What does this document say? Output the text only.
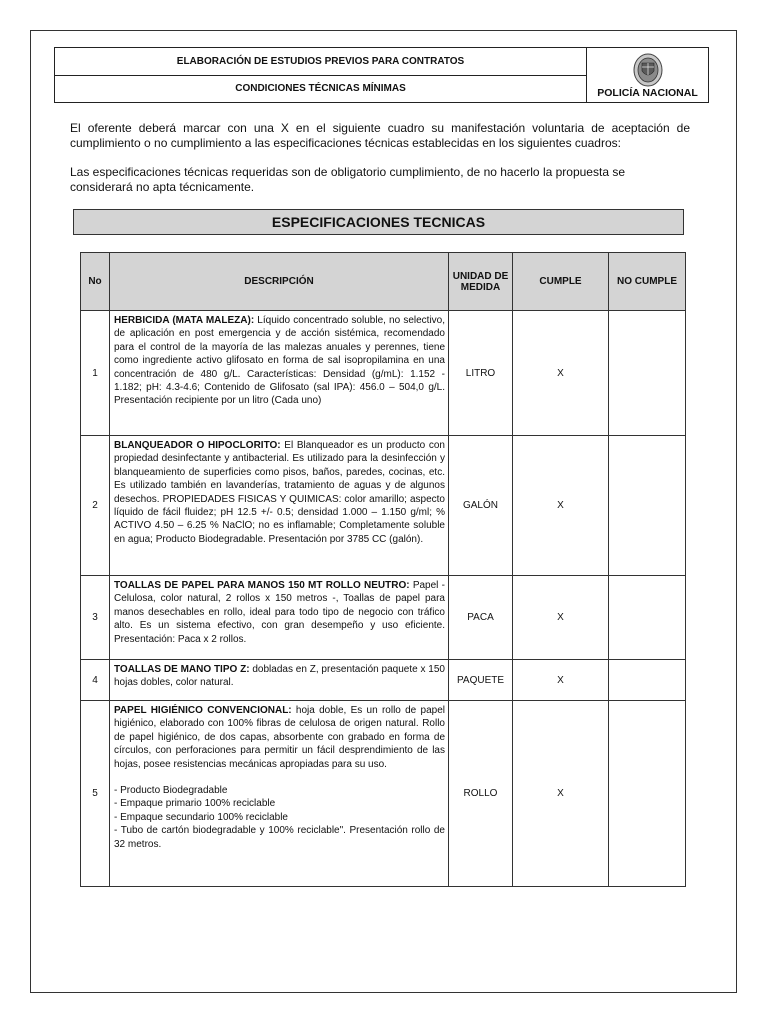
ELABORACIÓN DE ESTUDIOS PREVIOS PARA CONTRATOS	
POLICÍA NACIONAL

CONDICIONES TÉCNICAS MÍNIMAS

El oferente deberá marcar con una X en el siguiente cuadro su manifestación voluntaria de aceptación de cumplimiento o no cumplimiento a las especificaciones técnicas establecidas en los siguientes cuadros:

Las especificaciones técnicas requeridas son de obligatorio cumplimiento, de no hacerlo la propuesta se considerará no apta técnicamente.

ESPECIFICACIONES TECNICAS
No	DESCRIPCIÓN	UNIDAD DE MEDIDA	CUMPLE	NO CUMPLE
1	HERBICIDA (MATA MALEZA): Líquido concentrado soluble, no selectivo, de aplicación en post emergencia y de acción sistémica, recomendado para el control de la mayoría de las malezas anuales y perennes, tiene como ingrediente activo glifosato en forma de sal isopropilamina en una concentración de 480 g/L. Características: Densidad (g/mL): 1.152 - 1.182; pH: 4.3-4.6; Contenido de Glifosato (sal IPA): 456.0 – 504,0 g/L. Presentación recipiente por un litro (Cada uno)	LITRO	X	
2	BLANQUEADOR O HIPOCLORITO: El Blanqueador es un producto con propiedad desinfectante y antibacterial. Es utilizado para la desinfección y blanqueamiento de superficies como pisos, baños, paredes, cocinas, etc. Es utilizado también en lavanderías, tratamiento de aguas y de algunos desechos. PROPIEDADES FISICAS Y QUIMICAS: color amarillo; aspecto líquido de fácil fluidez; pH 12.5 +/- 0.5; densidad 1.000 – 1.150 g/ml; % ACTIVO 4.50 – 6.25 % NaClO; no es inflamable; Completamente soluble en agua; Producto Biodegradable. Presentación por 3785 CC (galón).	GALÓN	X	
3	TOALLAS DE PAPEL PARA MANOS 150 MT ROLLO NEUTRO: Papel - Celulosa, color natural, 2 rollos x 150 metros -, Toallas de papel para manos desechables en rollo, ideal para todo tipo de negocio con tráfico alto. Es un sistema efectivo, con gran desempeño y uso eficiente. Presentación: Paca x 2 rollos.	PACA	X	
4	TOALLAS DE MANO TIPO Z: dobladas en Z, presentación paquete x 150 hojas dobles, color natural.	PAQUETE	X	
5	PAPEL HIGIÉNICO CONVENCIONAL: hoja doble, Es un rollo de papel higiénico, elaborado con 100% fibras de celulosa de origen natural. Rollo de papel higiénico, de dos capas, absorbente con grabado en forma de círculos, con perforaciones para permitir un fácil desprendimiento de las hojas, posee resistencias mecánicas apropiadas para su uso.
- Producto Biodegradable
- Empaque primario 100% reciclable
- Empaque secundario 100% reciclable
- Tubo de cartón biodegradable y 100% reciclable". Presentación rollo de 32 metros.	ROLLO	X	
